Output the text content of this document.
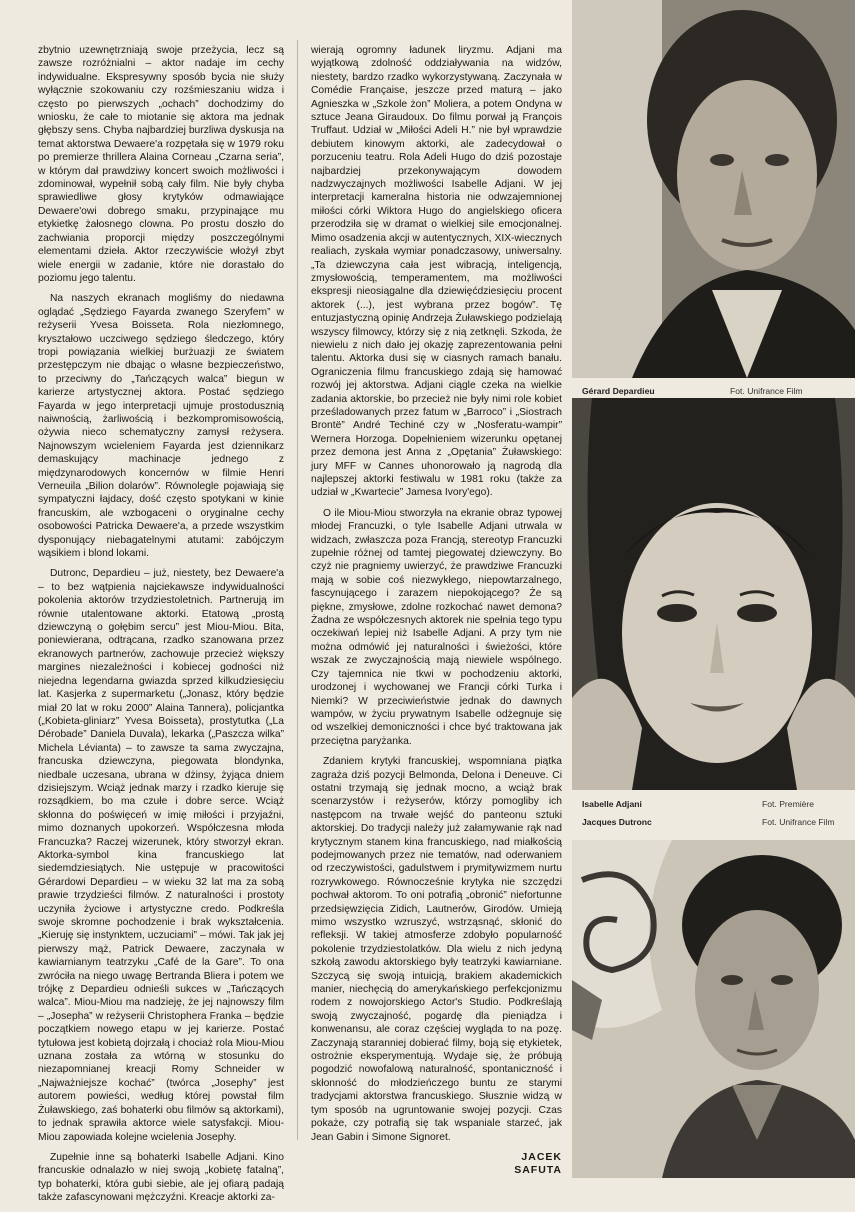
zbytnio uzewnętrzniają swoje przeżycia, lecz są zawsze rozróżnialni – aktor nadaje im cechy indywidualne. Ekspresywny sposób bycia nie służy wyłącznie szokowaniu czy rozśmieszaniu widza i często po pierwszych „ochach” dochodzimy do wniosku, że całe to miotanie się aktora ma jednak głębszy sens. Chyba najbardziej burzliwa dyskusja na temat aktorstwa Dewaere'a rozpętała się w 1979 roku po premierze thrillera Alaina Corneau „Czarna seria”, w którym dał prawdziwy koncert swoich możliwości i zdominował, wypełnił sobą cały film. Nie były chyba sprawiedliwe głosy krytyków odmawiające Dewaere'owi dobrego smaku, przypinające mu etykietkę żałosnego clowna. Po prostu doszło do zachwiania proporcji między poszczególnymi elementami dzieła. Aktor rzeczywiście włożył zbyt wiele energii w zadanie, które nie dorastało do poziomu jego talentu.

Na naszych ekranach mogliśmy do niedawna oglądać „Sędziego Fayarda zwanego Szeryfem” w reżyserii Yvesa Boisseta. Rola niezłomnego, kryształowo uczciwego sędziego śledczego, który tropi powiązania wielkiej burżuazji ze światem przestępczym nie dbając o własne bezpieczeństwo, to przeciwny do „Tańczących walca” biegun w karierze artystycznej aktora. Postać sędziego Fayarda w jego interpretacji ujmuje prostodusznią naiwnością, żarliwością i bezkompromisowością, ożywia nieco schematyczny zamysł reżysera. Najnowszym wcieleniem Fayarda jest dziennikarz demaskujący machinacje jednego z międzynarodowych koncernów w filmie Henri Verneuila „Bilion dolarów”. Równolegle pojawiają się sympatyczni łajdacy, dość często spotykani w kinie francuskim, ale wzbogaceni o oryginalne cechy osobowości Patricka Dewaere'a, a przede wszystkim dysponujący niebagatelnymi atutami: zabójczym wąsikiem i blond lokami.

Dutronc, Depardieu – już, niestety, bez Dewaere'a – to bez wątpienia najciekawsze indywidualności pokolenia aktorów trzydziestoletnich. Partnerują im równie utalentowane aktorki. Etatową „prostą dziewczyną o gołębim sercu” jest Miou-Miou. Bita, poniewierana, odtrącana, rzadko szanowana przez ekranowych partnerów, zachowuje przecież większy margines niezależności i kobiecej godności niż niejedna legendarna gwiazda sprzed kilkudziesięciu lat. Kasjerka z supermarketu („Jonasz, który będzie miał 20 lat w roku 2000” Alaina Tannera), policjantka („Kobieta-gliniarz” Yvesa Boisseta), prostytutka („La Dérobade” Daniela Duvala), lekarka („Paszcza wilka” Michela Lévianta) – to zawsze ta sama zwyczajna, francuska dziewczyna, piegowata blondynka, niedbale uczesana, ubrana w dżinsy, żyjąca dniem dzisiejszym. Wciąż jednak marzy i rzadko kieruje się rozsądkiem, bo ma czułe i dobre serce. Wciąż skłonna do poświęceń w imię miłości i przyjaźni, mimo doznanych upokorzeń. Współczesna młoda Francuzka? Raczej wizerunek, który stworzył ekran. Aktorka-symbol kina francuskiego lat siedemdziesiątych. Nie ustępuje w pracowitości Gérardowi Depardieu – w wieku 32 lat ma za sobą prawie trzydzieści filmów. Z naturalności i prostoty uczyniła życiowe i artystyczne credo. Podkreśla swoje skromne pochodzenie i brak wykształcenia. „Kieruję się instynktem, uczuciami” – mówi. Tak jak jej pierwszy mąż, Patrick Dewaere, zaczynała w kawiarnianym teatrzyku „Café de la Gare”. To ona zwróciła na niego uwagę Bertranda Bliera i potem we trójkę z Depardieu odnieśli sukces w „Tańczących walca”. Miou-Miou ma nadzieję, że jej najnowszy film – „Josepha” w reżyserii Christophera Franka – będzie początkiem nowego etapu w jej karierze. Postać tytułowa jest kobietą dojrzałą i chociaż rola Miou-Miou uznana została za wtórną w stosunku do niezapomnianej kreacji Romy Schneider w „Najważniejsze kochać” (twórca „Josephy” jest autorem powieści, według której powstał film Żuławskiego, zaś bohaterki obu filmów są aktorkami), to jednak sprawiła aktorce wiele satysfakcji. Miou-Miou zapowiada kolejne wcielenia Josephy.

Zupełnie inne są bohaterki Isabelle Adjani. Kino francuskie odnalazło w niej swoją „kobietę fatalną”, typ bohaterki, która gubi siebie, ale jej ofiarą padają także zafascynowani mężczyźni. Kreacje aktorki za-

wierają ogromny ładunek liryzmu. Adjani ma wyjątkową zdolność oddziaływania na widzów, niestety, bardzo rzadko wykorzystywaną. Zaczynała w Comédie Française, jeszcze przed maturą – jako Agnieszka w „Szkole żon” Moliera, a potem Ondyna w sztuce Jeana Giraudoux. Do filmu porwał ją François Truffaut. Udział w „Miłości Adeli H.” nie był wprawdzie debiutem kinowym aktorki, ale zadecydował o porzuceniu teatru. Rola Adeli Hugo do dziś pozostaje najbardziej przekonywającym dowodem nadzwyczajnych możliwości Isabelle Adjani. W jej interpretacji kameralna historia nie odwzajemnionej miłości córki Wiktora Hugo do angielskiego oficera przerodziła się w dramat o wielkiej sile emocjonalnej. Mimo osadzenia akcji w autentycznych, XIX-wiecznych realiach, zyskała wymiar ponadczasowy, uniwersalny. „Ta dziewczyna cała jest wibracją, inteligencją, zmysłowością, temperamentem, ma możliwości ekspresji nieosiągalne dla dziewięćdziesięciu procent aktorek (...), jest wybrana przez bogów”. Tę entuzjastyczną opinię Andrzeja Żuławskiego podzielają wszyscy filmowcy, którzy się z nią zetknęli. Szkoda, że niewielu z nich dało jej okazję zaprezentowania pełni talentu. Aktorka dusi się w ciasnych ramach banału. Ograniczenia filmu francuskiego zdają się hamować rozwój jej aktorstwa. Adjani ciągle czeka na wielkie zadania aktorskie, bo przecież nie były nimi role kobiet prześladowanych przez fatum w „Barroco” i „Siostrach Brontë” André Techiné czy w „Nosferatu-wampir” Wernera Horzoga. Dopełnieniem wizerunku opętanej przez demona jest Anna z „Opętania” Żuławskiego: jury MFF w Cannes uhonorowało ją nagrodą dla najlepszej aktorki festiwalu w 1981 roku (także za udział w „Kwartecie” Jamesa Ivory'ego).

O ile Miou-Miou stworzyła na ekranie obraz typowej młodej Francuzki, o tyle Isabelle Adjani utrwala w widzach, zwłaszcza poza Francją, stereotyp Francuzki zupełnie różnej od tamtej piegowatej dziewczyny. Bo czyż nie pragniemy uwierzyć, że prawdziwe Francuzki mają w sobie coś niezwykłego, niepowtarzalnego, fascynującego i zarazem niepokojącego? Że są piękne, zmysłowe, zdolne rozkochać nawet demona? Żadna ze współczesnych aktorek nie spełnia tego typu oczekiwań lepiej niż Isabelle Adjani. A przy tym nie można odmówić jej naturalności i świeżości, które wszak ze zwyczajnością mają niewiele wspólnego. Czy tajemnica nie tkwi w pochodzeniu aktorki, urodzonej i wychowanej we Francji córki Turka i Niemki? W przeciwieństwie jednak do dawnych wampów, w życiu prywatnym Isabelle odżegnuje się od wszelkiej demoniczności i chce być traktowana jak przeciętna paryżanka.

Zdaniem krytyki francuskiej, wspomniana piątka zagraża dziś pozycji Belmonda, Delona i Deneuve. Ci ostatni trzymają się jednak mocno, a wciąż brak scenarzystów i reżyserów, którzy pomogliby ich następcom na trwałe wejść do panteonu sztuki aktorskiej. Do tradycji należy już załamywanie rąk nad krytycznym stanem kina francuskiego, nad miałkością podejmowanych przez nie tematów, nad oderwaniem od rzeczywistości, gadulstwem i prymitywizmem nurtu rozrywkowego. Równocześnie krytyka nie szczędzi pochwał aktorom. To oni potrafią „obronić” niefortunne przedsięwzięcia Zidich, Lautnerów, Girodów. Umieją mimo wszystko wzruszyć, wstrząsnąć, skłonić do refleksji. W takiej atmosferze zdobyło popularność pokolenie trzydziestolatków. Dla wielu z nich jedyną szkołą zawodu aktorskiego były teatrzyki kawiarniane. Szczycą się swoją intuicją, brakiem akademickich manier, niechęcią do amerykańskiego perfekcjonizmu rodem z nowojorskiego Actor's Studio. Podkreślają swoją zwyczajność, pogardę dla pieniądza i konwenansu, ale coraz częściej wygląda to na pozę. Zaczynają staranniej dobierać filmy, boją się etykietek, ostrożnie eksperymentują. Wydaje się, że próbują pogodzić nowofalową naturalność, spontaniczność i skłonność do młodzieńczego buntu ze starymi tradycjami aktorstwa francuskiego. Słusznie widzą w tym sposób na ugruntowanie swojej pozycji. Czas pokaże, czy potrafią się tak wspaniale starzeć, jak Jean Gabin i Simone Signoret.

JACEK
SAFUTA
Gérard Depardieu	Fot. Unifrance Film
Isabelle Adjani	Fot. Première
Jacques Dutronc	Fot. Unifrance Film
